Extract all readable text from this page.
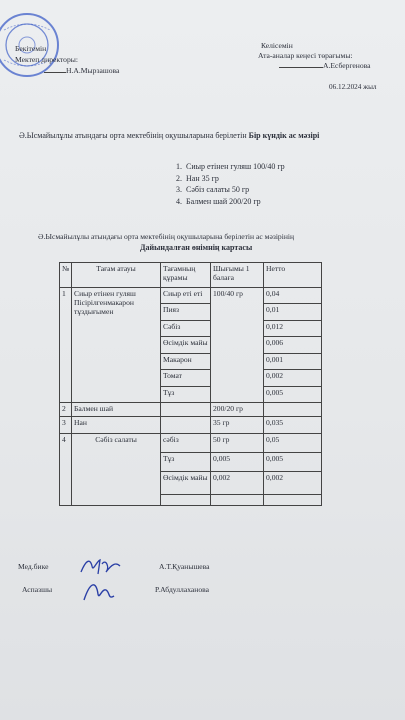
Бекітемін
Мектеп директоры:
Н.А.Мырзашова
Келісемін
Ата-аналар кеңесі төрағымы:
А.Есбергенова
06.12.2024 жыл
Ә.Ысмайылұлы атындағы орта мектебінің оқушыларына берілетін Бір күндік ас мәзірі
1. Сиыр етінен гуляш 100/40 гр
2. Нан 35 гр
3. Сәбіз салаты 50 гр
4. Балмен шай 200/20 гр
Ә.Ысмайылұлы атындағы орта мектебінің оқушыларына берілетін ас мәзірінің
Дайындалған өнімнің картасы
№	Тағам атауы	Тағамның құрамы	Шығымы 1 балаға	Нетто
1	Сиыр етінен гуляш Пісірілгенмакарон тұздығымен	Сиыр еті еті	100/40 гр	0,04
		Пияз		0,01
		Сәбіз		0,012
		Өсімдік майы		0,006
		Макарон		0,001
		Томат		0,002
		Тұз		0,005
2	Балмен шай		200/20 гр	
3	Нан		35 гр	0,035
4	Сәбіз салаты	сәбіз	50 гр	0,05
		Тұз	0,005	0,005
		Өсімдік майы	0,002	0,002

Мед.бике	А.Т.Қуанышева
Аспазшы	Р.Абдуллаханова
